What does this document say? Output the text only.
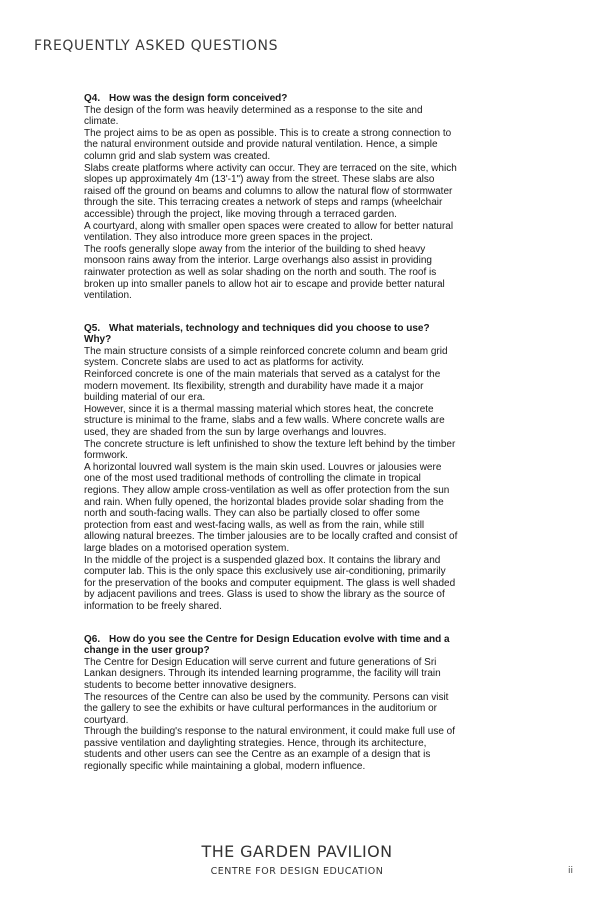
FREQUENTLY ASKED QUESTIONS

Q4. How was the design form conceived?

The design of the form was heavily determined as a response to the site and climate.

The project aims to be as open as possible. This is to create a strong connection to the natural environment outside and provide natural ventilation. Hence, a simple column grid and slab system was created.

Slabs create platforms where activity can occur. They are terraced on the site, which slopes up approximately 4m (13'-1") away from the street. These slabs are also raised off the ground on beams and columns to allow the natural flow of stormwater through the site. This terracing creates a network of steps and ramps (wheelchair accessible) through the project, like moving through a terraced garden.

A courtyard, along with smaller open spaces were created to allow for better natural ventilation. They also introduce more green spaces in the project.

The roofs generally slope away from the interior of the building to shed heavy monsoon rains away from the interior. Large overhangs also assist in providing rainwater protection as well as solar shading on the north and south. The roof is broken up into smaller panels to allow hot air to escape and provide better natural ventilation.

Q5. What materials, technology and techniques did you choose to use? Why?

The main structure consists of a simple reinforced concrete column and beam grid system. Concrete slabs are used to act as platforms for activity.

Reinforced concrete is one of the main materials that served as a catalyst for the modern movement. Its flexibility, strength and durability have made it a major building material of our era.

However, since it is a thermal massing material which stores heat, the concrete structure is minimal to the frame, slabs and a few walls. Where concrete walls are used, they are shaded from the sun by large overhangs and louvres.

The concrete structure is left unfinished to show the texture left behind by the timber formwork.

A horizontal louvred wall system is the main skin used. Louvres or jalousies were one of the most used traditional methods of controlling the climate in tropical regions. They allow ample cross-ventilation as well as offer protection from the sun and rain. When fully opened, the horizontal blades provide solar shading from the north and south-facing walls. They can also be partially closed to offer some protection from east and west-facing walls, as well as from the rain, while still allowing natural breezes. The timber jalousies are to be locally crafted and consist of large blades on a motorised operation system.

In the middle of the project is a suspended glazed box. It contains the library and computer lab. This is the only space this exclusively use air-conditioning, primarily for the preservation of the books and computer equipment. The glass is well shaded by adjacent pavilions and trees. Glass is used to show the library as the source of information to be freely shared.

Q6. How do you see the Centre for Design Education evolve with time and a change in the user group?

The Centre for Design Education will serve current and future generations of Sri Lankan designers. Through its intended learning programme, the facility will train students to become better innovative designers.

The resources of the Centre can also be used by the community. Persons can visit the gallery to see the exhibits or have cultural performances in the auditorium or courtyard.

Through the building's response to the natural environment, it could make full use of passive ventilation and daylighting strategies. Hence, through its architecture, students and other users can see the Centre as an example of a design that is regionally specific while maintaining a global, modern influence.

THE GARDEN PAVILION
CENTRE FOR DESIGN EDUCATION	ii
